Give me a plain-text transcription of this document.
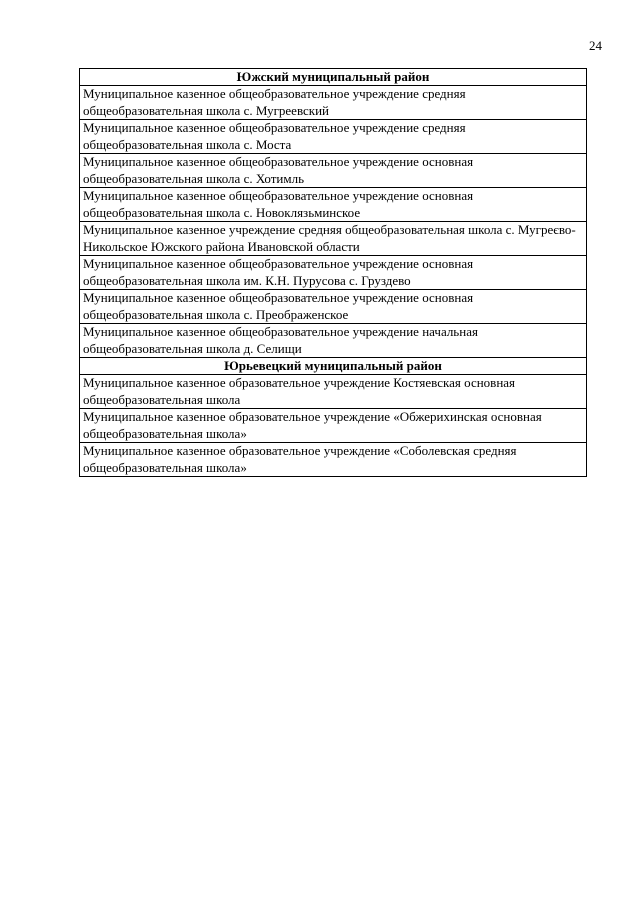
24
Южский муниципальный район
Муниципальное казенное общеобразовательное учреждение средняя общеобразовательная школа с. Мугреевский
Муниципальное казенное общеобразовательное учреждение средняя общеобразовательная школа с. Моста
Муниципальное казенное общеобразовательное учреждение основная общеобразовательная школа с. Хотимль
Муниципальное казенное общеобразовательное учреждение основная общеобразовательная школа с. Новоклязьминское
Муниципальное казенное учреждение средняя общеобразовательная школа с. Мугреєво-Никольское Южского района Ивановской области
Муниципальное казенное общеобразовательное учреждение основная общеобразовательная школа им. К.Н. Пурусова с. Груздево
Муниципальное казенное общеобразовательное учреждение основная общеобразовательная школа с. Преображенское
Муниципальное казенное общеобразовательное учреждение начальная общеобразовательная школа д. Селищи
Юрьевецкий муниципальный район
Муниципальное казенное образовательное учреждение Костяевская основная общеобразовательная школа
Муниципальное казенное образовательное учреждение «Обжерихинская основная общеобразовательная школа»
Муниципальное казенное образовательное учреждение «Соболевская средняя общеобразовательная школа»
